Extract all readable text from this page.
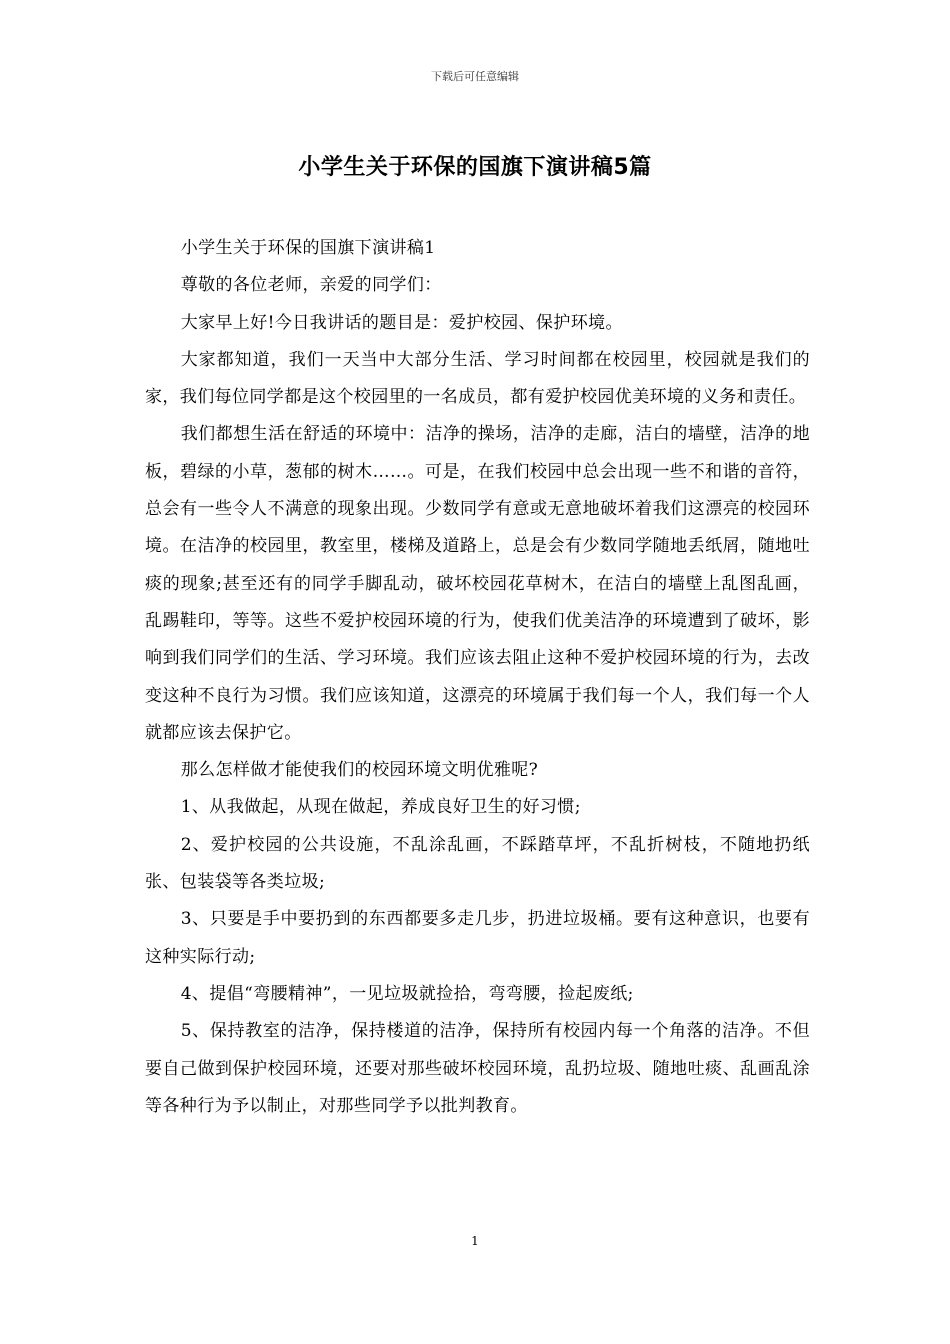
下载后可任意编辑
小学生关于环保的国旗下演讲稿5篇

小学生关于环保的国旗下演讲稿1

尊敬的各位老师，亲爱的同学们：

大家早上好!今日我讲话的题目是：爱护校园、保护环境。

大家都知道，我们一天当中大部分生活、学习时间都在校园里，校园就是我们的家，我们每位同学都是这个校园里的一名成员，都有爱护校园优美环境的义务和责任。

我们都想生活在舒适的环境中：洁净的操场，洁净的走廊，洁白的墙壁，洁净的地板，碧绿的小草，葱郁的树木……。可是，在我们校园中总会出现一些不和谐的音符，总会有一些令人不满意的现象出现。少数同学有意或无意地破坏着我们这漂亮的校园环境。在洁净的校园里，教室里，楼梯及道路上，总是会有少数同学随地丢纸屑，随地吐痰的现象;甚至还有的同学手脚乱动，破坏校园花草树木，在洁白的墙壁上乱图乱画，乱踢鞋印，等等。这些不爱护校园环境的行为，使我们优美洁净的环境遭到了破坏，影响到我们同学们的生活、学习环境。我们应该去阻止这种不爱护校园环境的行为，去改变这种不良行为习惯。我们应该知道，这漂亮的环境属于我们每一个人，我们每一个人就都应该去保护它。

那么怎样做才能使我们的校园环境文明优雅呢?

1、从我做起，从现在做起，养成良好卫生的好习惯;

2、爱护校园的公共设施，不乱涂乱画，不踩踏草坪，不乱折树枝，不随地扔纸张、包装袋等各类垃圾;

3、只要是手中要扔到的东西都要多走几步，扔进垃圾桶。要有这种意识，也要有这种实际行动;

4、提倡“弯腰精神”，一见垃圾就捡拾，弯弯腰，捡起废纸;

5、保持教室的洁净，保持楼道的洁净，保持所有校园内每一个角落的洁净。不但要自己做到保护校园环境，还要对那些破坏校园环境，乱扔垃圾、随地吐痰、乱画乱涂等各种行为予以制止，对那些同学予以批判教育。

1
